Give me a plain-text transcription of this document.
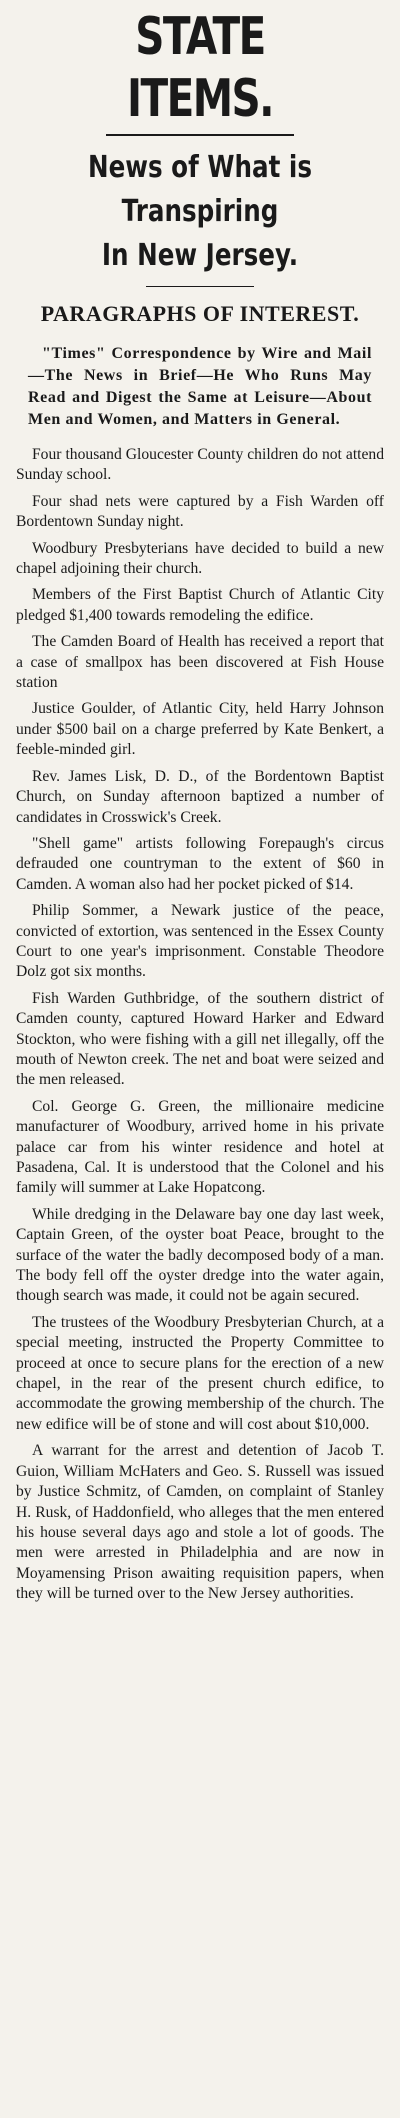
STATE ITEMS.
News of What is Transpiring
In New Jersey.
PARAGRAPHS OF INTEREST.

"Times" Correspondence by Wire and Mail—The News in Brief—He Who Runs May Read and Digest the Same at Leisure—About Men and Women, and Matters in General.

Four thousand Gloucester County children do not attend Sunday school.

Four shad nets were captured by a Fish Warden off Bordentown Sunday night.

Woodbury Presbyterians have decided to build a new chapel adjoining their church.

Members of the First Baptist Church of Atlantic City pledged $1,400 towards remodeling the edifice.

The Camden Board of Health has received a report that a case of smallpox has been discovered at Fish House station

Justice Goulder, of Atlantic City, held Harry Johnson under $500 bail on a charge preferred by Kate Benkert, a feeble-minded girl.

Rev. James Lisk, D. D., of the Bordentown Baptist Church, on Sunday afternoon baptized a number of candidates in Crosswick's Creek.

"Shell game" artists following Forepaugh's circus defrauded one countryman to the extent of $60 in Camden. A woman also had her pocket picked of $14.

Philip Sommer, a Newark justice of the peace, convicted of extortion, was sentenced in the Essex County Court to one year's imprisonment. Constable Theodore Dolz got six months.

Fish Warden Guthbridge, of the southern district of Camden county, captured Howard Harker and Edward Stockton, who were fishing with a gill net illegally, off the mouth of Newton creek. The net and boat were seized and the men released.

Col. George G. Green, the millionaire medicine manufacturer of Woodbury, arrived home in his private palace car from his winter residence and hotel at Pasadena, Cal. It is understood that the Colonel and his family will summer at Lake Hopatcong.

While dredging in the Delaware bay one day last week, Captain Green, of the oyster boat Peace, brought to the surface of the water the badly decomposed body of a man. The body fell off the oyster dredge into the water again, though search was made, it could not be again secured.

The trustees of the Woodbury Presbyterian Church, at a special meeting, instructed the Property Committee to proceed at once to secure plans for the erection of a new chapel, in the rear of the present church edifice, to accommodate the growing membership of the church. The new edifice will be of stone and will cost about $10,000.

A warrant for the arrest and detention of Jacob T. Guion, William McHaters and Geo. S. Russell was issued by Justice Schmitz, of Camden, on complaint of Stanley H. Rusk, of Haddonfield, who alleges that the men entered his house several days ago and stole a lot of goods. The men were arrested in Philadelphia and are now in Moyamensing Prison awaiting requisition papers, when they will be turned over to the New Jersey authorities.
